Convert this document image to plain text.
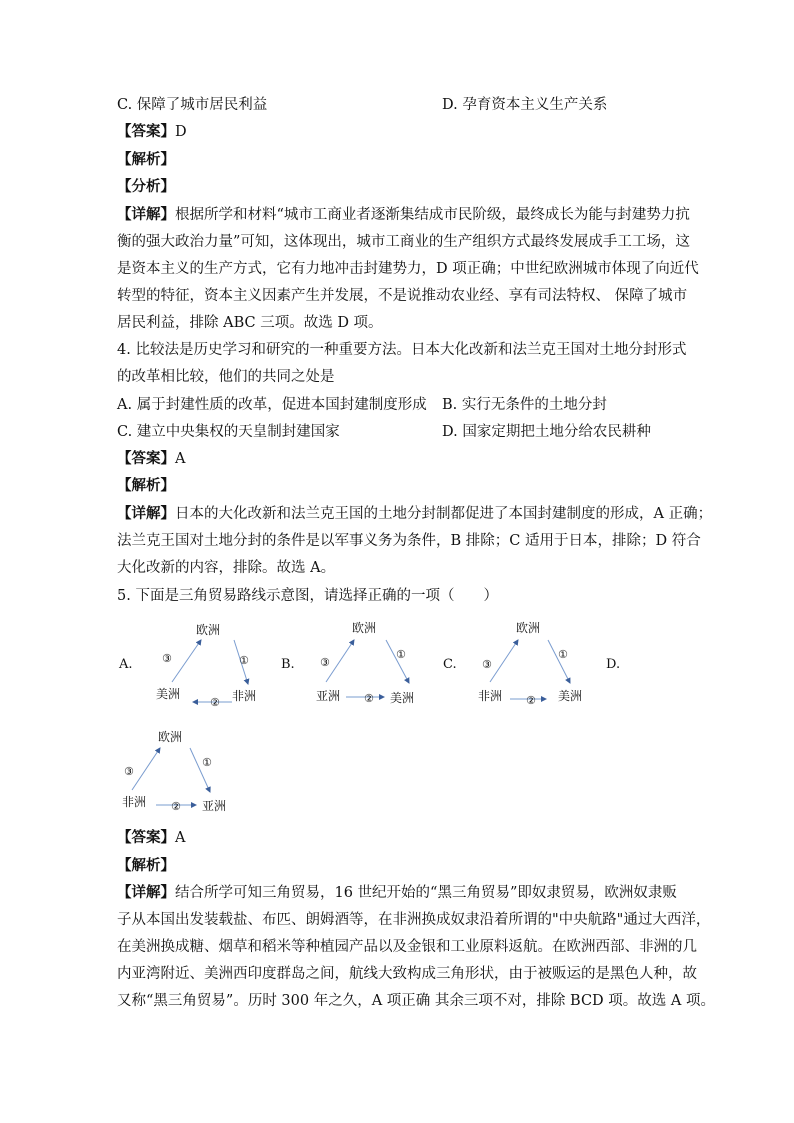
C. 保障了城市居民利益	D. 孕育资本主义生产关系
【答案】D
【解析】
【分析】
【详解】根据所学和材料“城市工商业者逐渐集结成市民阶级，最终成长为能与封建势力抗
衡的强大政治力量”可知，这体现出，城市工商业的生产组织方式最终发展成手工工场，这
是资本主义的生产方式，它有力地冲击封建势力，D 项正确；中世纪欧洲城市体现了向近代
转型的特征，资本主义因素产生并发展，不是说推动农业经、享有司法特权、 保障了城市
居民利益，排除 ABC 三项。故选 D 项。
4. 比较法是历史学习和研究的一种重要方法。日本大化改新和法兰克王国对土地分封形式
的改革相比较，他们的共同之处是
A. 属于封建性质的改革，促进本国封建制度形成 B. 实行无条件的土地分封
C. 建立中央集权的天皇制封建国家	D. 国家定期把土地分给农民耕种
【答案】A
【解析】
【详解】日本的大化改新和法兰克王国的土地分封制都促进了本国封建制度的形成，A 正确；
法兰克王国对土地分封的条件是以军事义务为条件，B 排除；C 适用于日本，排除；D 符合
大化改新的内容，排除。故选 A。
5. 下面是三角贸易路线示意图，请选择正确的一项（　　）
A.	B.	C.	D.
欧洲
美洲	非洲
③	①
②
欧洲
亚洲	美洲
③
①
②
欧洲
非洲	美洲
③
①
②
欧洲
非洲	亚洲
③
①
②
【答案】A
【解析】
【详解】结合所学可知三角贸易，16 世纪开始的“黑三角贸易”即奴隶贸易，欧洲奴隶贩
子从本国出发装载盐、布匹、朗姆酒等，在非洲换成奴隶沿着所谓的"中央航路"通过大西洋，
在美洲换成糖、烟草和稻米等种植园产品以及金银和工业原料返航。在欧洲西部、非洲的几
内亚湾附近、美洲西印度群岛之间，航线大致构成三角形状，由于被贩运的是黑色人种，故
又称“黑三角贸易”。历时 300 年之久，A 项正确 其余三项不对，排除 BCD 项。故选 A 项。
